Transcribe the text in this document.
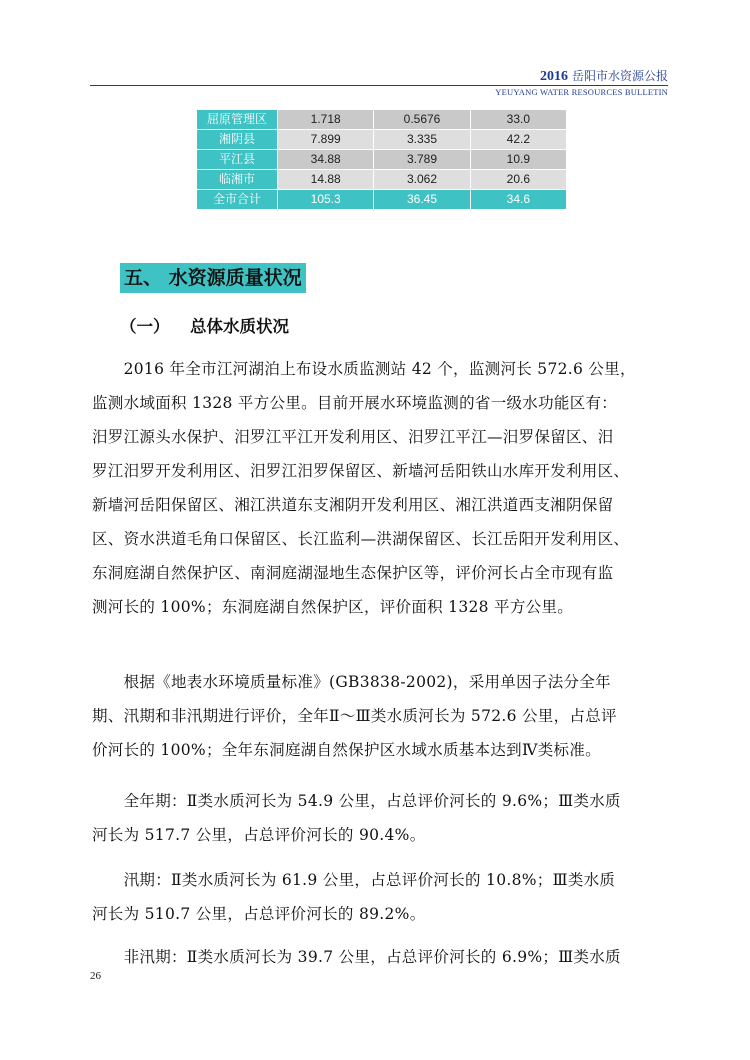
2016 岳阳市水资源公报
YEUYANG WATER RESOURCES BULLETIN
屈原管理区	1.718	0.5676	33.0
湘阴县	7.899	3.335	42.2
平江县	34.88	3.789	10.9
临湘市	14.88	3.062	20.6
全市合计	105.3	36.45	34.6
五、 水资源质量状况
（一） 总体水质状况
　　2016 年全市江河湖泊上布设水质监测站 42 个，监测河长 572.6 公里，
监测水域面积 1328 平方公里。目前开展水环境监测的省一级水功能区有：
汨罗江源头水保护、汨罗江平江开发利用区、汨罗江平江—汨罗保留区、汨
罗江汨罗开发利用区、汨罗江汨罗保留区、新墙河岳阳铁山水库开发利用区、
新墙河岳阳保留区、湘江洪道东支湘阴开发利用区、湘江洪道西支湘阴保留
区、资水洪道毛角口保留区、长江监利—洪湖保留区、长江岳阳开发利用区、
东洞庭湖自然保护区、南洞庭湖湿地生态保护区等，评价河长占全市现有监
测河长的 100%；东洞庭湖自然保护区，评价面积 1328 平方公里。
　　根据《地表水环境质量标准》(GB3838-2002)，采用单因子法分全年
期、汛期和非汛期进行评价，全年Ⅱ～Ⅲ类水质河长为 572.6 公里，占总评
价河长的 100%；全年东洞庭湖自然保护区水域水质基本达到Ⅳ类标准。
　　全年期：Ⅱ类水质河长为 54.9 公里，占总评价河长的 9.6%；Ⅲ类水质
河长为 517.7 公里，占总评价河长的 90.4%。
　　汛期：Ⅱ类水质河长为 61.9 公里，占总评价河长的 10.8%；Ⅲ类水质
河长为 510.7 公里，占总评价河长的 89.2%。
　　非汛期：Ⅱ类水质河长为 39.7 公里，占总评价河长的 6.9%；Ⅲ类水质
26
